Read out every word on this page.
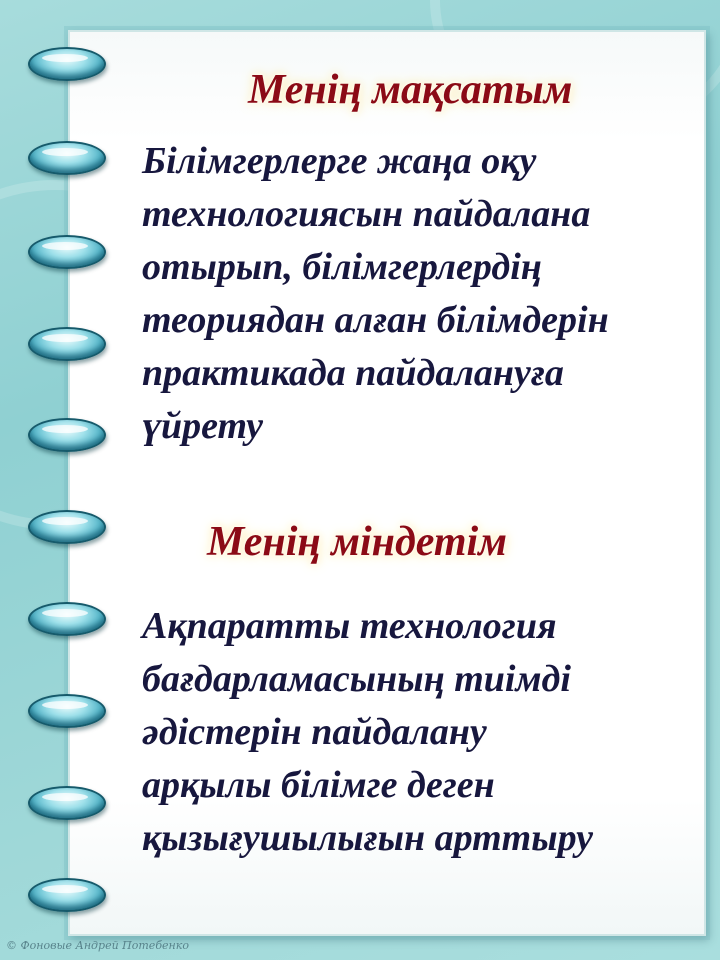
Менің мақсатым

Білімгерлерге жаңа оқу
технологиясын пайдалана
отырып, білімгерлердің
теориядан алған білімдерін
практикада пайдалануға
үйрету

Менің міндетім

Ақпаратты технология
бағдарламасының тиімді
әдістерін пайдалану
арқылы білімге деген
қызығушылығын арттыру

© Фоновые Андрей Потебенко
